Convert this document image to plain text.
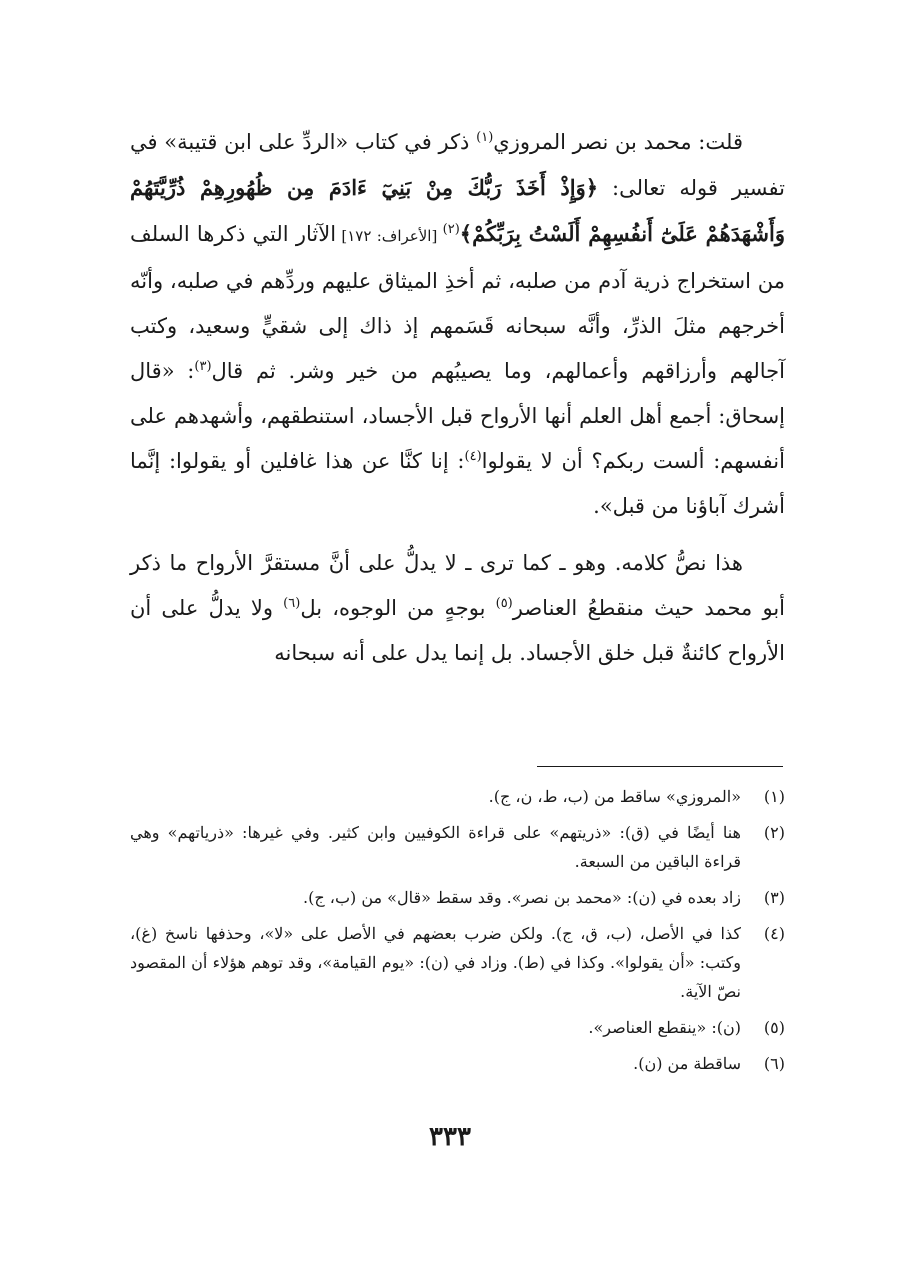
قلت: محمد بن نصر المروزي$^{(١)}$ ذكر في كتاب «الردِّ على ابن قتيبة» في تفسير قوله تعالى: ﴿وَإِذْ أَخَذَ رَبُّكَ مِنْ بَنِيٓ ءَادَمَ مِن ظُهُورِهِمْ ذُرِّيَّتَهُمْ وَأَشْهَدَهُمْ عَلَىٰٓ أَنفُسِهِمْ أَلَسْتُ بِرَبِّكُمْ﴾$^{(٢)}$ [الأعراف: ١٧٢] الآثار التي ذكرها السلف من استخراج ذرية آدم من صلبه، ثم أخذِ الميثاق عليهم وردِّهم في صلبه، وأنّه أخرجهم مثلَ الذرِّ، وأنَّه سبحانه قَسَمهم إذ ذاك إلى شقيٍّ وسعيد، وكتب آجالهم وأرزاقهم وأعمالهم، وما يصيبُهم من خير وشر. ثم قال$^{(٣)}$: «قال إسحاق: أجمع أهل العلم أنها الأرواح قبل الأجساد، استنطقهم، وأشهدهم على أنفسهم: ألست ربكم؟ أن لا يقولوا$^{(٤)}$: إنا كنَّا عن هذا غافلين أو يقولوا: إنَّما أشرك آباؤنا من قبل».

هذا نصُّ كلامه. وهو ـ كما ترى ـ لا يدلُّ على أنَّ مستقرَّ الأرواح ما ذكر أبو محمد حيث منقطعُ العناصر$^{(٥)}$ بوجهٍ من الوجوه، بل$^{(٦)}$ ولا يدلُّ على أن الأرواح كائنةٌ قبل خلق الأجساد. بل إنما يدل على أنه سبحانه

(١)
«المروزي» ساقط من (ب، ط، ن، ج).
(٢)
هنا أيضًا في (ق): «ذريتهم» على قراءة الكوفيين وابن كثير. وفي غيرها: «ذرياتهم» وهي قراءة الباقين من السبعة.
(٣)
زاد بعده في (ن): «محمد بن نصر». وقد سقط «قال» من (ب، ج).
(٤)
كذا في الأصل، (ب، ق، ج). ولكن ضرب بعضهم في الأصل على «لا»، وحذفها ناسخ (غ)، وكتب: «أن يقولوا». وكذا في (ط). وزاد في (ن): «يوم القيامة»، وقد توهم هؤلاء أن المقصود نصّ الآية.
(٥)
(ن): «ينقطع العناصر».
(٦)
ساقطة من (ن).
٣٣٣
